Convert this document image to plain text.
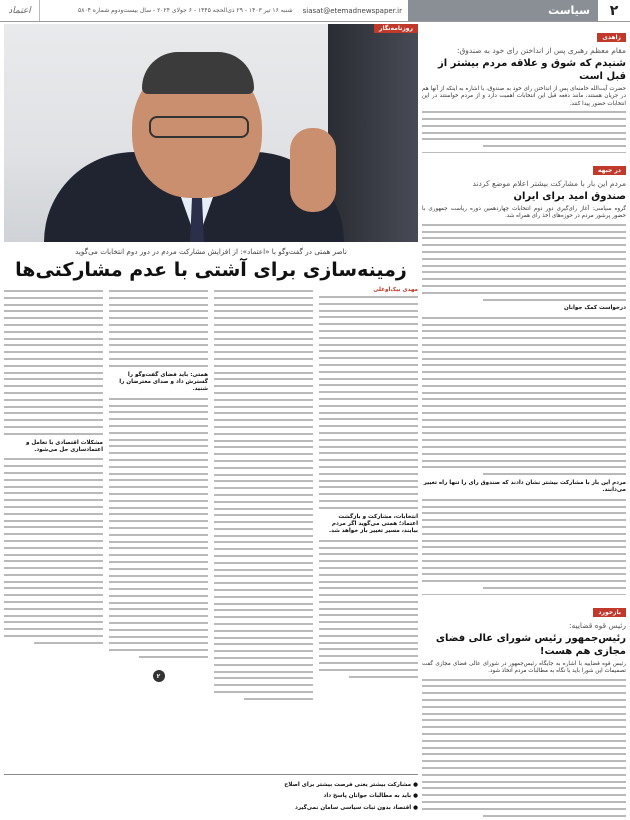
۲
سیاست
siasat@etemadnewspaper.ir
شنبه ۱۶ تیر ۱۴۰۳ - ۲۹ ذی‌الحجه ۱۴۴۵ - ۶ جولای ۲۰۲۴ - سال بیست‌ودوم شماره ۵۸۰۴
اعتماد
زاهدی
مقام معظم رهبری پس از انداختن رای خود به صندوق:
شنیدم که شوق و علاقه مردم بیشتر از قبل است
حضرت آیت‌الله خامنه‌ای پس از انداختن رای خود به صندوق، با اشاره به اینکه از آنها هم در جریان هستند، مانند دفعه قبل این انتخابات اهمیت دارد و از مردم خواستند در این انتخابات حضور پیدا کنند.
در جبهه
مردم این بار با مشارکت بیشتر اعلام موضع کردند
صندوق امید برای ایران
گروه سیاسی: آغاز رای‌گیری دور دوم انتخابات چهاردهمین دوره ریاست جمهوری با حضور پرشور مردم در حوزه‌های اخذ رای همراه شد.
درخواست کمک جوانان
مردم این بار با مشارکت بیشتر نشان دادند که صندوق رای را تنها راه تغییر می‌دانند.
بازخورد
رئیس قوه قضاییه:
رئیس‌جمهور رئیس شورای عالی فضای مجازی هم هست!
رئیس قوه قضاییه با اشاره به جایگاه رئیس‌جمهور در شورای عالی فضای مجازی گفت تصمیمات این شورا باید با نگاه به مطالبات مردم اتخاذ شود.
روزنامه‌نگار
ناصر همتی در گفت‌وگو با «اعتماد»: از افزایش مشارکت مردم در دور دوم انتخابات می‌گوید
زمینه‌سازی برای آشتی با عدم مشارکتی‌ها
مهدی بیک‌اوغلی
انتخابات، مشارکت و بازگشت اعتماد؛ همتی می‌گوید اگر مردم بیایند، مسیر تغییر باز خواهد شد.
همتی: باید فضای گفت‌وگو را گسترش داد و صدای معترضان را شنید.
۲
مشکلات اقتصادی با تعامل و اعتمادسازی حل می‌شود.
● مشارکت بیشتر یعنی فرصت بیشتر برای اصلاح
● باید به مطالبات جوانان پاسخ داد
● اقتصاد بدون ثبات سیاسی سامان نمی‌گیرد
